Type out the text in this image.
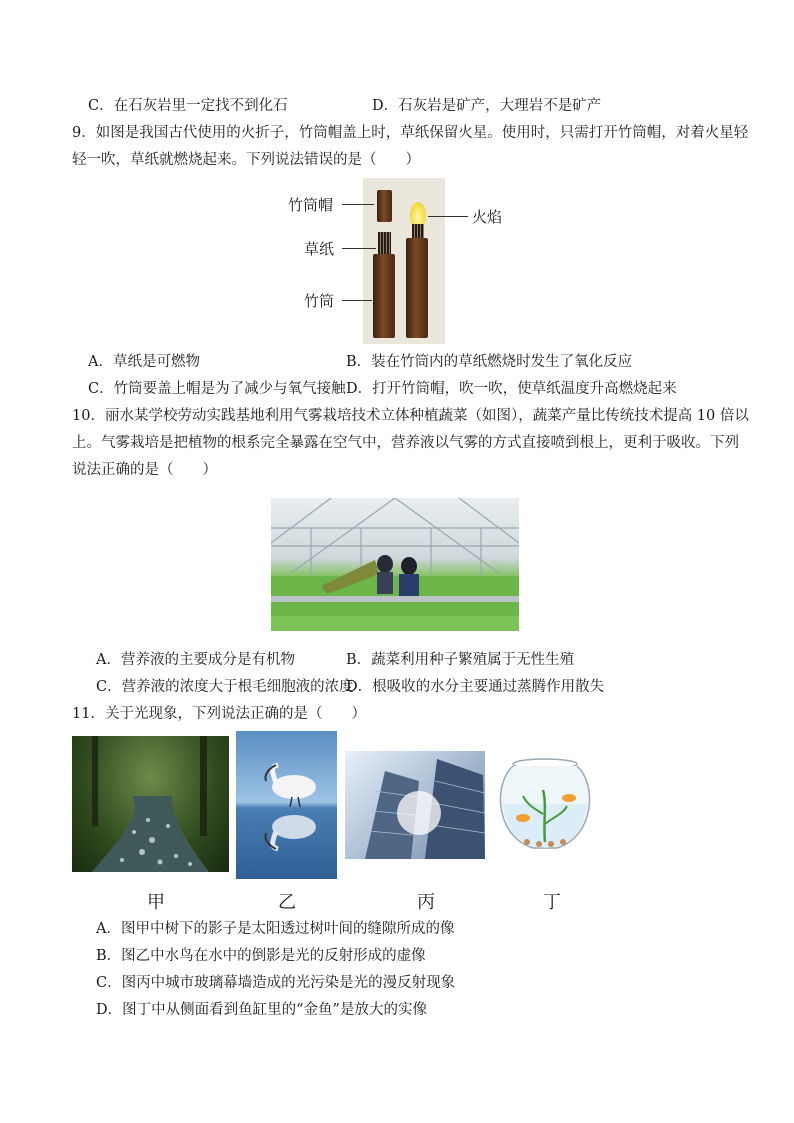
C．在石灰岩里一定找不到化石	D．石灰岩是矿产，大理岩不是矿产
9．如图是我国古代使用的火折子，竹筒帽盖上时，草纸保留火星。使用时，只需打开竹筒帽，对着火星轻
轻一吹，草纸就燃烧起来。下列说法错误的是（　　）
竹筒帽
草纸
竹筒
火焰
A．草纸是可燃物	B．装在竹筒内的草纸燃烧时发生了氧化反应
C．竹筒要盖上帽是为了减少与氧气接触 D．打开竹筒帽，吹一吹，使草纸温度升高燃烧起来
10．丽水某学校劳动实践基地利用气雾栽培技术立体种植蔬菜（如图），蔬菜产量比传统技术提高 10 倍以
上。气雾栽培是把植物的根系完全暴露在空气中，营养液以气雾的方式直接喷到根上，更利于吸收。下列
说法正确的是（　　）
A．营养液的主要成分是有机物	B．蔬菜利用种子繁殖属于无性生殖
C．营养液的浓度大于根毛细胞液的浓度
D．根吸收的水分主要通过蒸腾作用散失
11．关于光现象，下列说法正确的是（　　）
甲	乙	丙	丁
A．图甲中树下的影子是太阳透过树叶间的缝隙所成的像
B．图乙中水鸟在水中的倒影是光的反射形成的虚像
C．图丙中城市玻璃幕墙造成的光污染是光的漫反射现象
D．图丁中从侧面看到鱼缸里的“金鱼”是放大的实像
